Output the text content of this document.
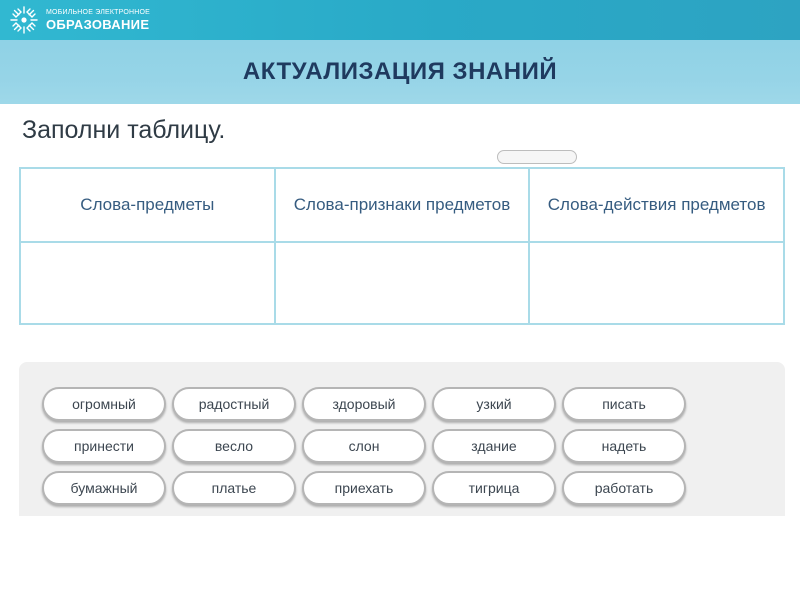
МОБИЛЬНОЕ ЭЛЕКТРОННОЕ
ОБРАЗОВАНИЕ
АКТУАЛИЗАЦИЯ ЗНАНИЙ

Заполни таблицу.

Слова-предметы	Слова-признаки предметов	Слова-действия предметов

огромный	радостный	здоровый	узкий	писать
принести	весло	слон	здание	надеть
бумажный	платье	приехать	тигрица	работать
